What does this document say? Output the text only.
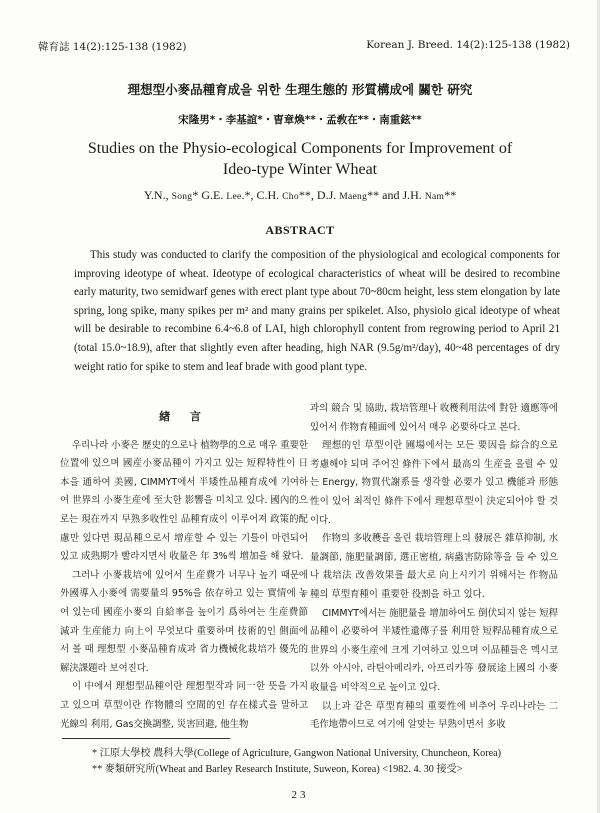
韓育誌 14(2):125-138 (1982)	Korean J. Breed. 14(2):125-138 (1982)
理想型小麥品種育成을 위한 生理生態的 形質構成에 關한 硏究
宋隆男*・李基誼*・曺章煥**・孟敎在**・南重鉉**
Studies on the Physio-ecological Components for Improvement of
Ideo-type Winter Wheat
Y.N., Song* G.E. Lee.*, C.H. Cho**, D.J. Maeng** and J.H. Nam**
ABSTRACT
This study was conducted to clarify the composition of the physiological and ecological components for improving ideotype of wheat. Ideotype of ecological characteristics of wheat will be desired to recombine early maturity, two semidwarf genes with erect plant type about 70~80cm height, less stem elongation by late spring, long spike, many spikes per m² and many grains per spikelet. Also, physiolo gical ideotype of wheat will be desirable to recombine 6.4~6.8 of LAI, high chlorophyll content from regrowing period to April 21 (total 15.0~18.9), after that slightly even after heading, high NAR (9.5g/m²/day), 40~48 percentages of dry weight ratio for spike to stem and leaf brade with good plant type.
緖 言

우리나라 小麥은 歷史的으로나 植物學的으로 매우 重要한 位置에 있으며 國産小麥品種이 가지고 있는 短稈特性이 日本을 通하여 美國, CIMMYT에서 半矮性品種育成에 기여하여 世界의 小麥生産에 至大한 影響을 미치고 있다. 國內的으로는 現在까지 早熟多收性인 品種育成이 이루어져 政策的配慮만 있다면 現品種으로서 增産할 수 있는 기틀이 마련되어 있고 成熟期가 빨라지면서 收量은 年 3%씩 增加을 해 왔다.

그러나 小麥栽培에 있어서 生産費가 너무나 높기 때문에 外國導入小麥에 需要量의 95%을 依存하고 있는 實情에 놓여 있는데 國産小麥의 自給率을 높이기 爲하여는 生産費節減과 生産能力 向上이 무엇보다 重要하며 技術的인 側面에서 볼 때 理想型 小麥品種育成과 省力機械化栽培가 優先的 解決課題라 보여진다.

이 中에서 理想型品種이란 理想型작과 同一한 뜻을 가지고 있으며 草型이란 作物體의 空間的인 存在樣式을 말하고 光線의 利用, Gas交換調整, 災害回避, 他生物

과의 競合 및 協助, 栽培管理나 收穫利用法에 對한 適應等에 있어서 作物育種面에 있어서 매우 必要하다고 본다.

理想的인 草型이란 圃場에서는 모든 要因을 綜合的으로 考慮해야 되며 주어진 條件下에서 最高의 生産을 올릴 수 있는 Energy, 物質代謝系를 생각할 必要가 있고 機能과 形態性이 있어 최적인 條件下에서 理想草型이 決定되어야 할 것이다.

作物의 多收穫을 올린 栽培管理上의 發展은 雜草抑制, 水量調節, 施肥量調節, 選正密植, 病蟲害防除等을 들 수 있으나 栽培法 改善效果를 最大로 向上시키기 위해서는 作物品種의 草型育種이 重要한 役割을 하고 있다.

CIMMYT에서는 施肥量을 增加하여도 倒伏되지 않는 短稈品種이 必要하여 半矮性遺傳子를 利用한 短稈品種育成으로 世界의 小麥生産에 크게 기여하고 있으며 이品種들은 멕시코以外 아시아, 라틴아메리카, 아프리카等 發展途上國의 小麥收量을 비약적으로 높이고 있다.

以上과 같은 草型育種의 重要性에 비추어 우리나라는 二毛作地帶이므로 여기에 알맞는 早熟이면서 多收

* 江原大學校 農科大學(College of Agriculture, Gangwon National University, Chuncheon, Korea)
** 麥類研究所(Wheat and Barley Research Institute, Suweon, Korea) <1982. 4. 30 接受>
23
